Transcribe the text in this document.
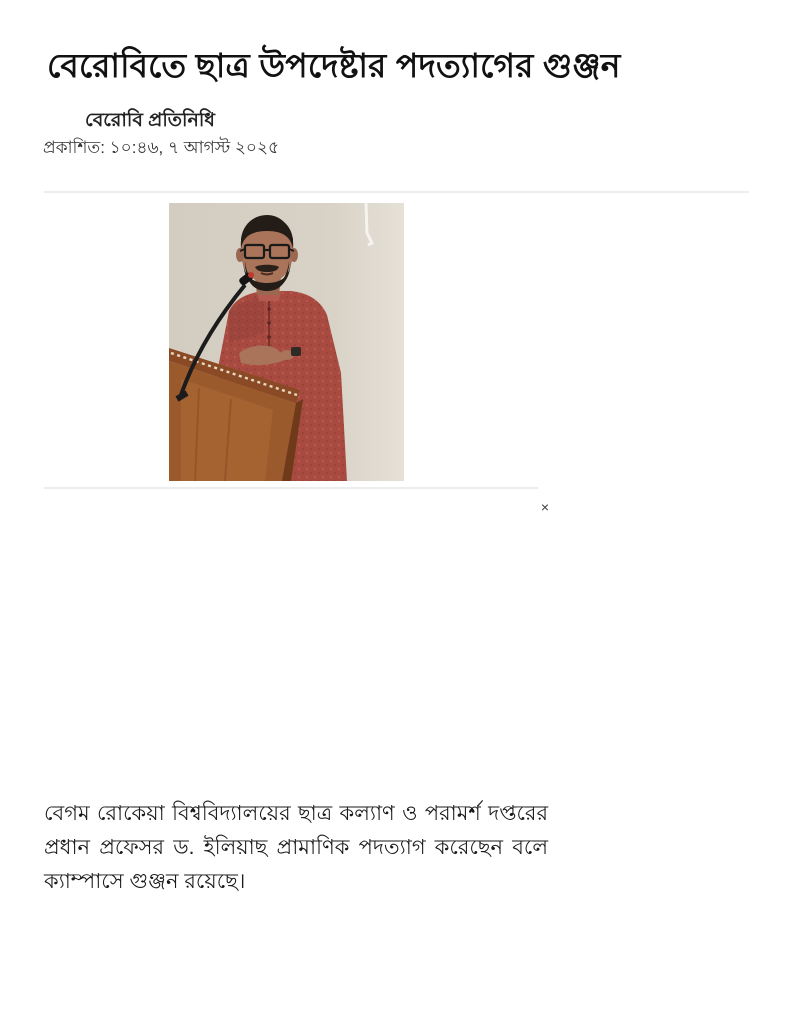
বেরোবিতে ছাত্র উপদেষ্টার পদত্যাগের গুঞ্জন
বেরোবি প্রতিনিধি
প্রকাশিত: ১০:৪৬, ৭ আগস্ট ২০২৫
×

বেগম রোকেয়া বিশ্ববিদ্যালয়ের ছাত্র কল্যাণ ও পরামর্শ দপ্তরের প্রধান প্রফেসর ড. ইলিয়াছ প্রামাণিক পদত্যাগ করেছেন বলে ক্যাম্পাসে গুঞ্জন রয়েছে।
